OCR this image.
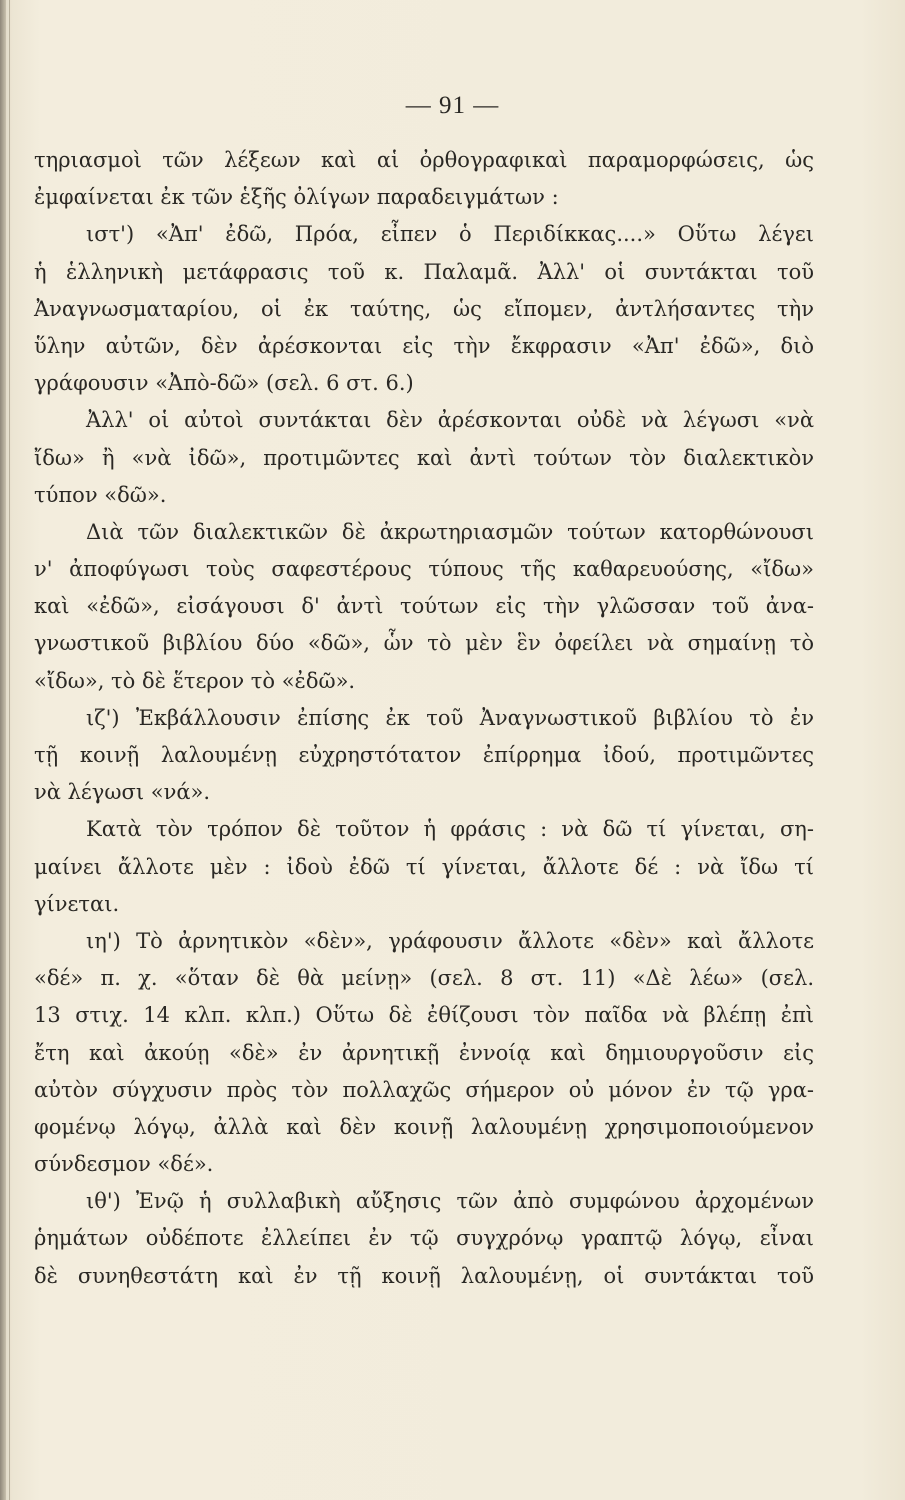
— 91 —
τηριασμοὶ τῶν λέξεων καὶ αἱ ὀρθογραφικαὶ παραμορφώσεις, ὡς
ἐμφαίνεται ἐκ τῶν ἑξῆς ὀλίγων παραδειγμάτων :
ιστ') «Ἀπ' ἐδῶ, Πρόα, εἶπεν ὁ Περιδίκκας....» Οὕτω λέγει
ἡ ἑλληνικὴ μετάφρασις τοῦ κ. Παλαμᾶ. Ἀλλ' οἱ συντάκται τοῦ
Ἀναγνωσματαρίου, οἱ ἐκ ταύτης, ὡς εἴπομεν, ἀντλήσαντες τὴν
ὕλην αὐτῶν, δὲν ἀρέσκονται εἰς τὴν ἔκφρασιν «Ἀπ' ἐδῶ», διὸ
γράφουσιν «Ἀπὸ-δῶ» (σελ. 6 στ. 6.)
Ἀλλ' οἱ αὐτοὶ συντάκται δὲν ἀρέσκονται οὐδὲ νὰ λέγωσι «νὰ
ἴδω» ἢ «νὰ ἰδῶ», προτιμῶντες καὶ ἀντὶ τούτων τὸν διαλεκτικὸν
τύπον «δῶ».
Διὰ τῶν διαλεκτικῶν δὲ ἀκρωτηριασμῶν τούτων κατορθώνουσι
ν' ἀποφύγωσι τοὺς σαφεστέρους τύπους τῆς καθαρευούσης, «ἴδω»
καὶ «ἐδῶ», εἰσάγουσι δ' ἀντὶ τούτων εἰς τὴν γλῶσσαν τοῦ ἀνα-
γνωστικοῦ βιβλίου δύο «δῶ», ὧν τὸ μὲν ἓν ὀφείλει νὰ σημαίνῃ τὸ
«ἴδω», τὸ δὲ ἕτερον τὸ «ἐδῶ».
ιζ') Ἐκβάλλουσιν ἐπίσης ἐκ τοῦ Ἀναγνωστικοῦ βιβλίου τὸ ἐν
τῇ κοινῇ λαλουμένῃ εὐχρηστότατον ἐπίρρημα ἰδού, προτιμῶντες
νὰ λέγωσι «νά».
Κατὰ τὸν τρόπον δὲ τοῦτον ἡ φράσις : νὰ δῶ τί γίνεται, ση-
μαίνει ἄλλοτε μὲν : ἰδοὺ ἐδῶ τί γίνεται, ἄλλοτε δέ : νὰ ἴδω τί
γίνεται.
ιη') Τὸ ἀρνητικὸν «δὲν», γράφουσιν ἄλλοτε «δὲν» καὶ ἄλλοτε
«δέ» π. χ. «ὅταν δὲ θὰ μείνῃ» (σελ. 8 στ. 11) «Δὲ λέω» (σελ.
13 στιχ. 14 κλπ. κλπ.) Οὕτω δὲ ἐθίζουσι τὸν παῖδα νὰ βλέπῃ ἐπὶ
ἔτη καὶ ἀκούῃ «δὲ» ἐν ἀρνητικῇ ἐννοίᾳ καὶ δημιουργοῦσιν εἰς
αὐτὸν σύγχυσιν πρὸς τὸν πολλαχῶς σήμερον οὐ μόνον ἐν τῷ γρα-
φομένῳ λόγῳ, ἀλλὰ καὶ δὲν κοινῇ λαλουμένῃ χρησιμοποιούμενον
σύνδεσμον «δέ».
ιθ') Ἐνῷ ἡ συλλαβικὴ αὔξησις τῶν ἀπὸ συμφώνου ἀρχομένων
ῥημάτων οὐδέποτε ἐλλείπει ἐν τῷ συγχρόνῳ γραπτῷ λόγῳ, εἶναι
δὲ συνηθεστάτη καὶ ἐν τῇ κοινῇ λαλουμένῃ, οἱ συντάκται τοῦ
